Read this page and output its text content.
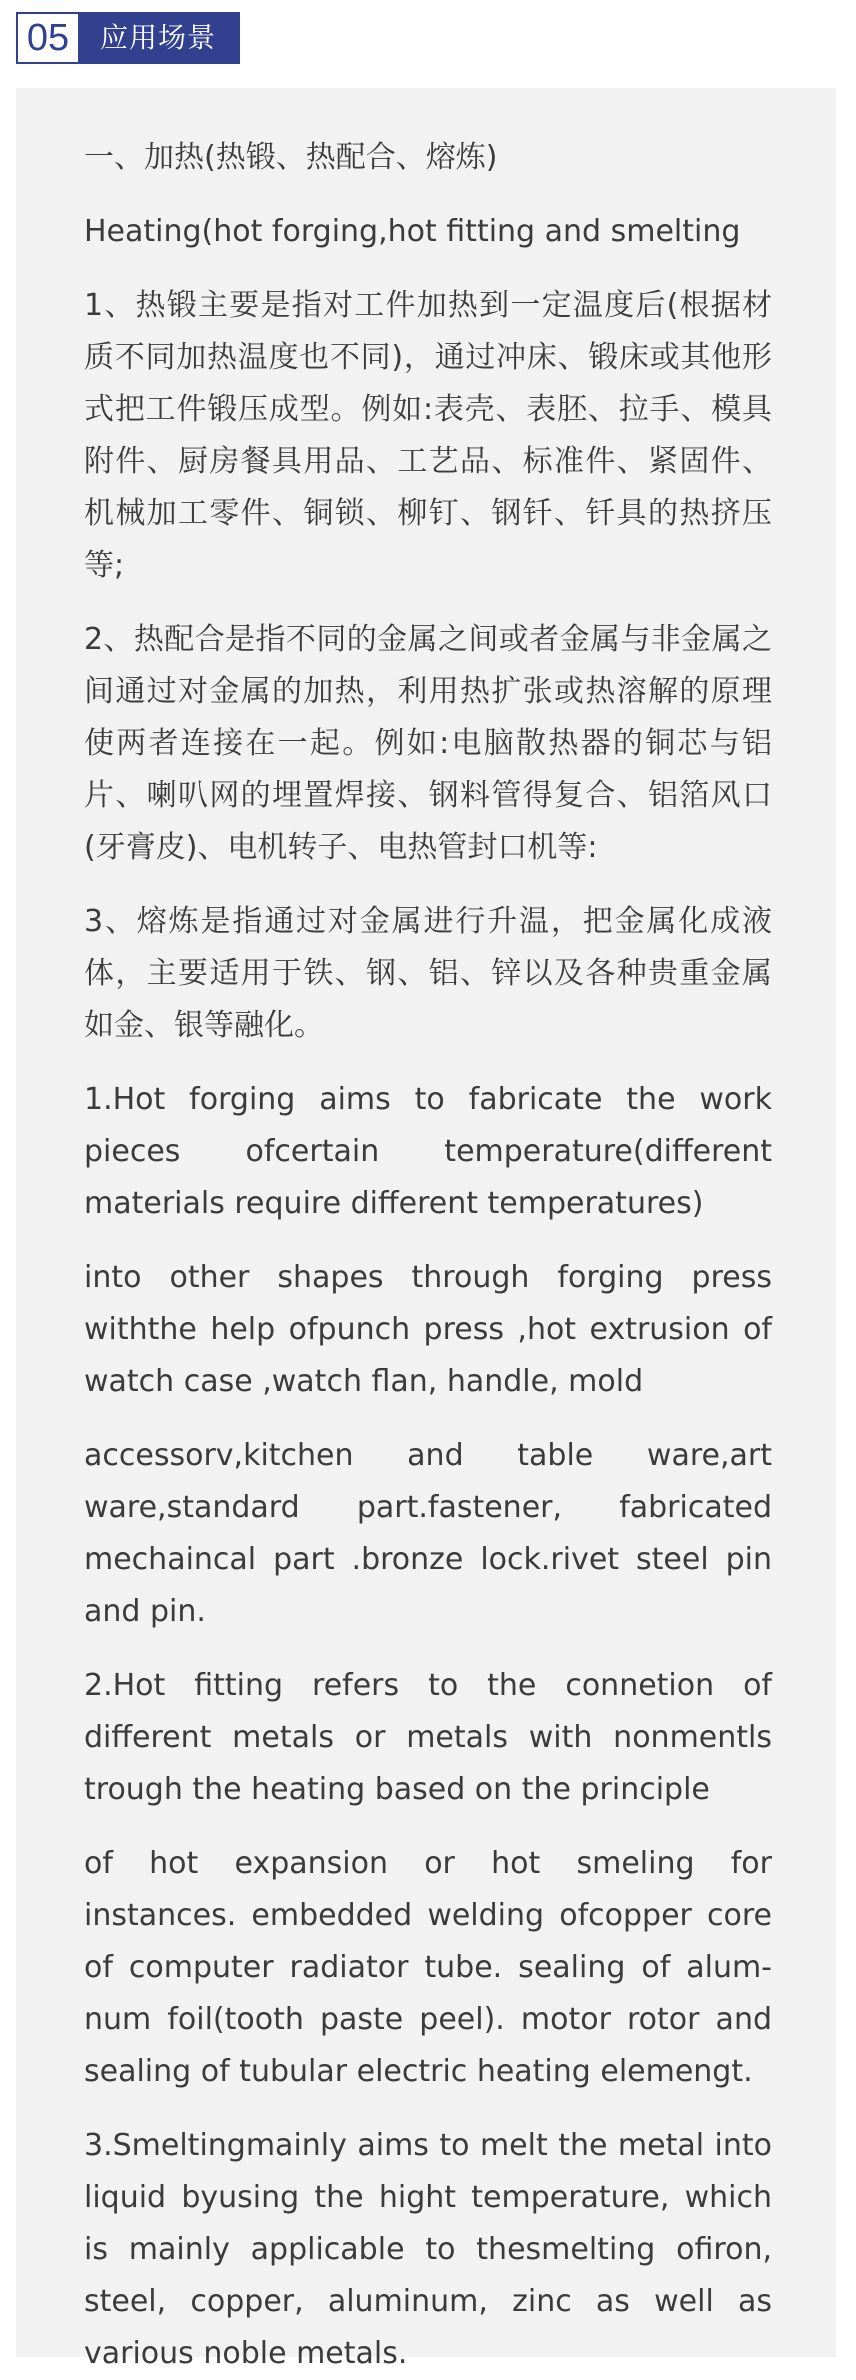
05	应用场景

一、加热(热锻、热配合、熔炼)

Heating(hot forging,hot fitting and smelting

1、热锻主要是指对工件加热到一定温度后(根据材质不同加热温度也不同)，通过冲床、锻床或其他形式把工件锻压成型。例如:表壳、表胚、拉手、模具附件、厨房餐具用品、工艺品、标准件、紧固件、机械加工零件、铜锁、柳钉、钢钎、钎具的热挤压等;

2、热配合是指不同的金属之间或者金属与非金属之间通过对金属的加热，利用热扩张或热溶解的原理使两者连接在一起。例如:电脑散热器的铜芯与铝片、喇叭网的埋置焊接、钢料管得复合、铝箔风口(牙膏皮)、电机转子、电热管封口机等:

3、熔炼是指通过对金属进行升温，把金属化成液体，主要适用于铁、钢、铝、锌以及各种贵重金属如金、银等融化。

1.Hot forging aims to fabricate the work pieces ofcertain temperature(different materials require different temperatures)

into other shapes through forging press withthe help ofpunch press ,hot extrusion of watch case ,watch flan, handle, mold

accessorv,kitchen and table ware,art ware,standard part.fastener, fabricated mechaincal part .bronze lock.rivet steel pin and pin.

2.Hot fitting refers to the connetion of different metals or metals with nonmentls trough the heating based on the principle

of hot expansion or hot smeling for instances. embedded welding ofcopper core of computer radiator tube. sealing of alum-num foil(tooth paste peel). motor rotor and sealing of tubular electric heating elemengt.

3.Smeltingmainly aims to melt the metal into liquid byusing the hight temperature, which is mainly applicable to thesmelting ofiron, steel, copper, aluminum, zinc as well as various noble metals.
